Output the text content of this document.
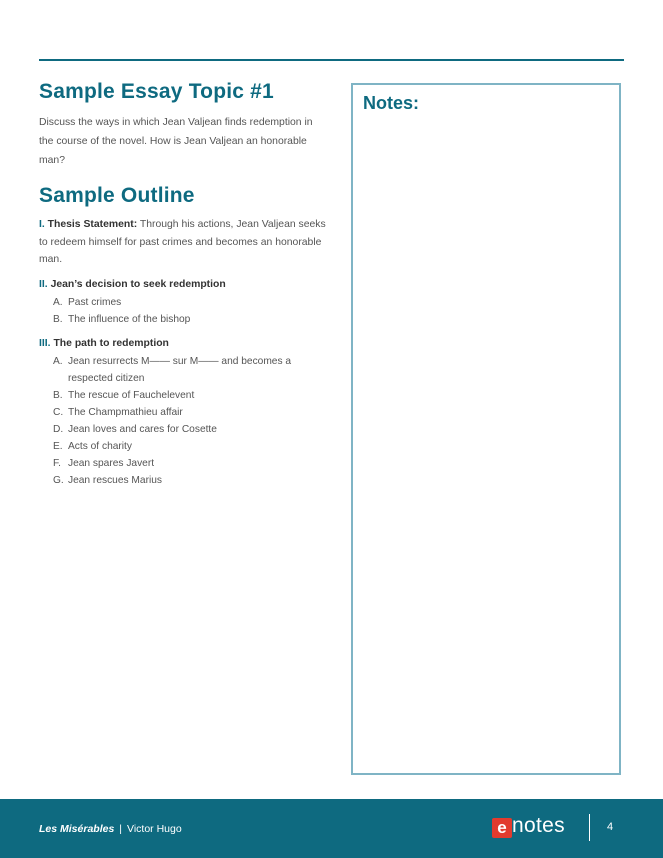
Sample Essay Topic #1

Discuss the ways in which Jean Valjean finds redemption in the course of the novel. How is Jean Valjean an honorable man?

Sample Outline

I. Thesis Statement: Through his actions, Jean Valjean seeks to redeem himself for past crimes and becomes an honorable man.

II. Jean’s decision to seek redemption
A. Past crimes
B. The influence of the bishop
III. The path to redemption
A. Jean resurrects M—— sur M—— and becomes a respected citizen
B. The rescue of Fauchelevent
C. The Champmathieu affair
D. Jean loves and cares for Cosette
E. Acts of charity
F. Jean spares Javert
G. Jean rescues Marius
Notes:
Les Misérables | Victor Hugo	e notes	4
